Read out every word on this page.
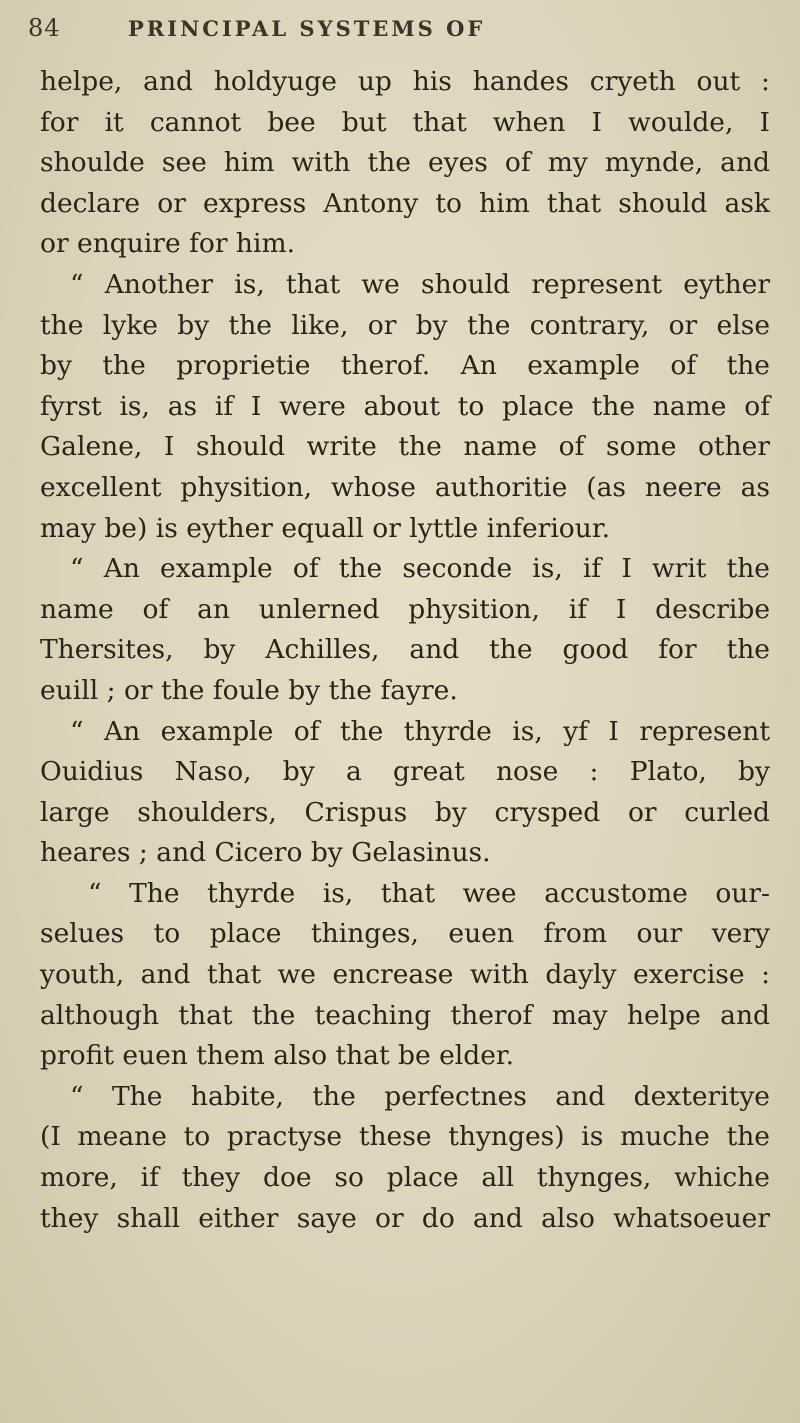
84	PRINCIPAL SYSTEMS OF

helpe, and holdyuge up his handes cryeth out :
for it cannot bee but that when I woulde, I
shoulde see him with the eyes of my mynde, and
declare or express Antony to him that should ask
or enquire for him.

“ Another is, that we should represent eyther
the lyke by the like, or by the contrary, or else
by the proprietie therof. An example of the
fyrst is, as if I were about to place the name of
Galene, I should write the name of some other
excellent physition, whose authoritie (as neere as
may be) is eyther equall or lyttle inferiour.

“ An example of the seconde is, if I writ the
name of an unlerned physition, if I describe
Thersites, by Achilles, and the good for the
euill ; or the foule by the fayre.

“ An example of the thyrde is, yf I represent
Ouidius Naso, by a great nose : Plato, by
large shoulders, Crispus by crysped or curled
heares ; and Cicero by Gelasinus.

“ The thyrde is, that wee accustome our-
selues to place thinges, euen from our very
youth, and that we encrease with dayly exercise :
although that the teaching therof may helpe and
profit euen them also that be elder.

“ The habite, the perfectnes and dexteritye
(I meane to practyse these thynges) is muche the
more, if they doe so place all thynges, whiche
they shall either saye or do and also whatsoeuer
